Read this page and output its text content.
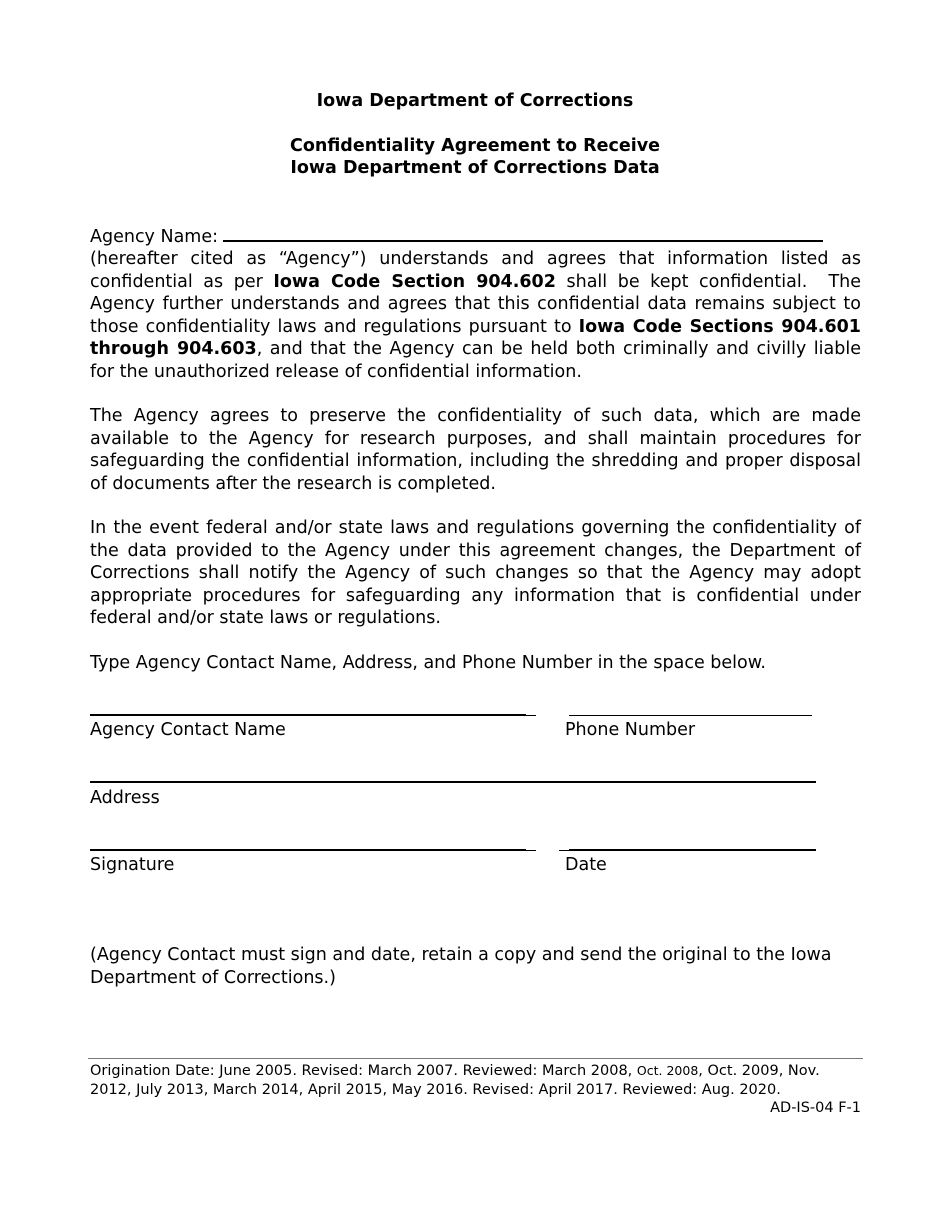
Iowa Department of Corrections
Confidentiality Agreement to Receive
Iowa Department of Corrections Data
Agency Name:
(hereafter cited as “Agency”) understands and agrees that information listed as confidential as per Iowa Code Section 904.602 shall be kept confidential.  The Agency further understands and agrees that this confidential data remains subject to those confidentiality laws and regulations pursuant to Iowa Code Sections 904.601 through 904.603, and that the Agency can be held both criminally and civilly liable for the unauthorized release of confidential information.
The Agency agrees to preserve the confidentiality of such data, which are made available to the Agency for research purposes, and shall maintain procedures for safeguarding the confidential information, including the shredding and proper disposal of documents after the research is completed.
In the event federal and/or state laws and regulations governing the confidentiality of the data provided to the Agency under this agreement changes, the Department of Corrections shall notify the Agency of such changes so that the Agency may adopt appropriate procedures for safeguarding any information that is confidential under federal and/or state laws or regulations.
Type Agency Contact Name, Address, and Phone Number in the space below.
Agency Contact Name	Phone Number
Address
Signature	Date
(Agency Contact must sign and date, retain a copy and send the original to the Iowa Department of Corrections.)
Origination Date: June 2005. Revised: March 2007. Reviewed: March 2008, Oct. 2008, Oct. 2009, Nov. 2012, July 2013, March 2014, April 2015, May 2016. Revised: April 2017. Reviewed: Aug. 2020.
AD-IS-04 F-1
